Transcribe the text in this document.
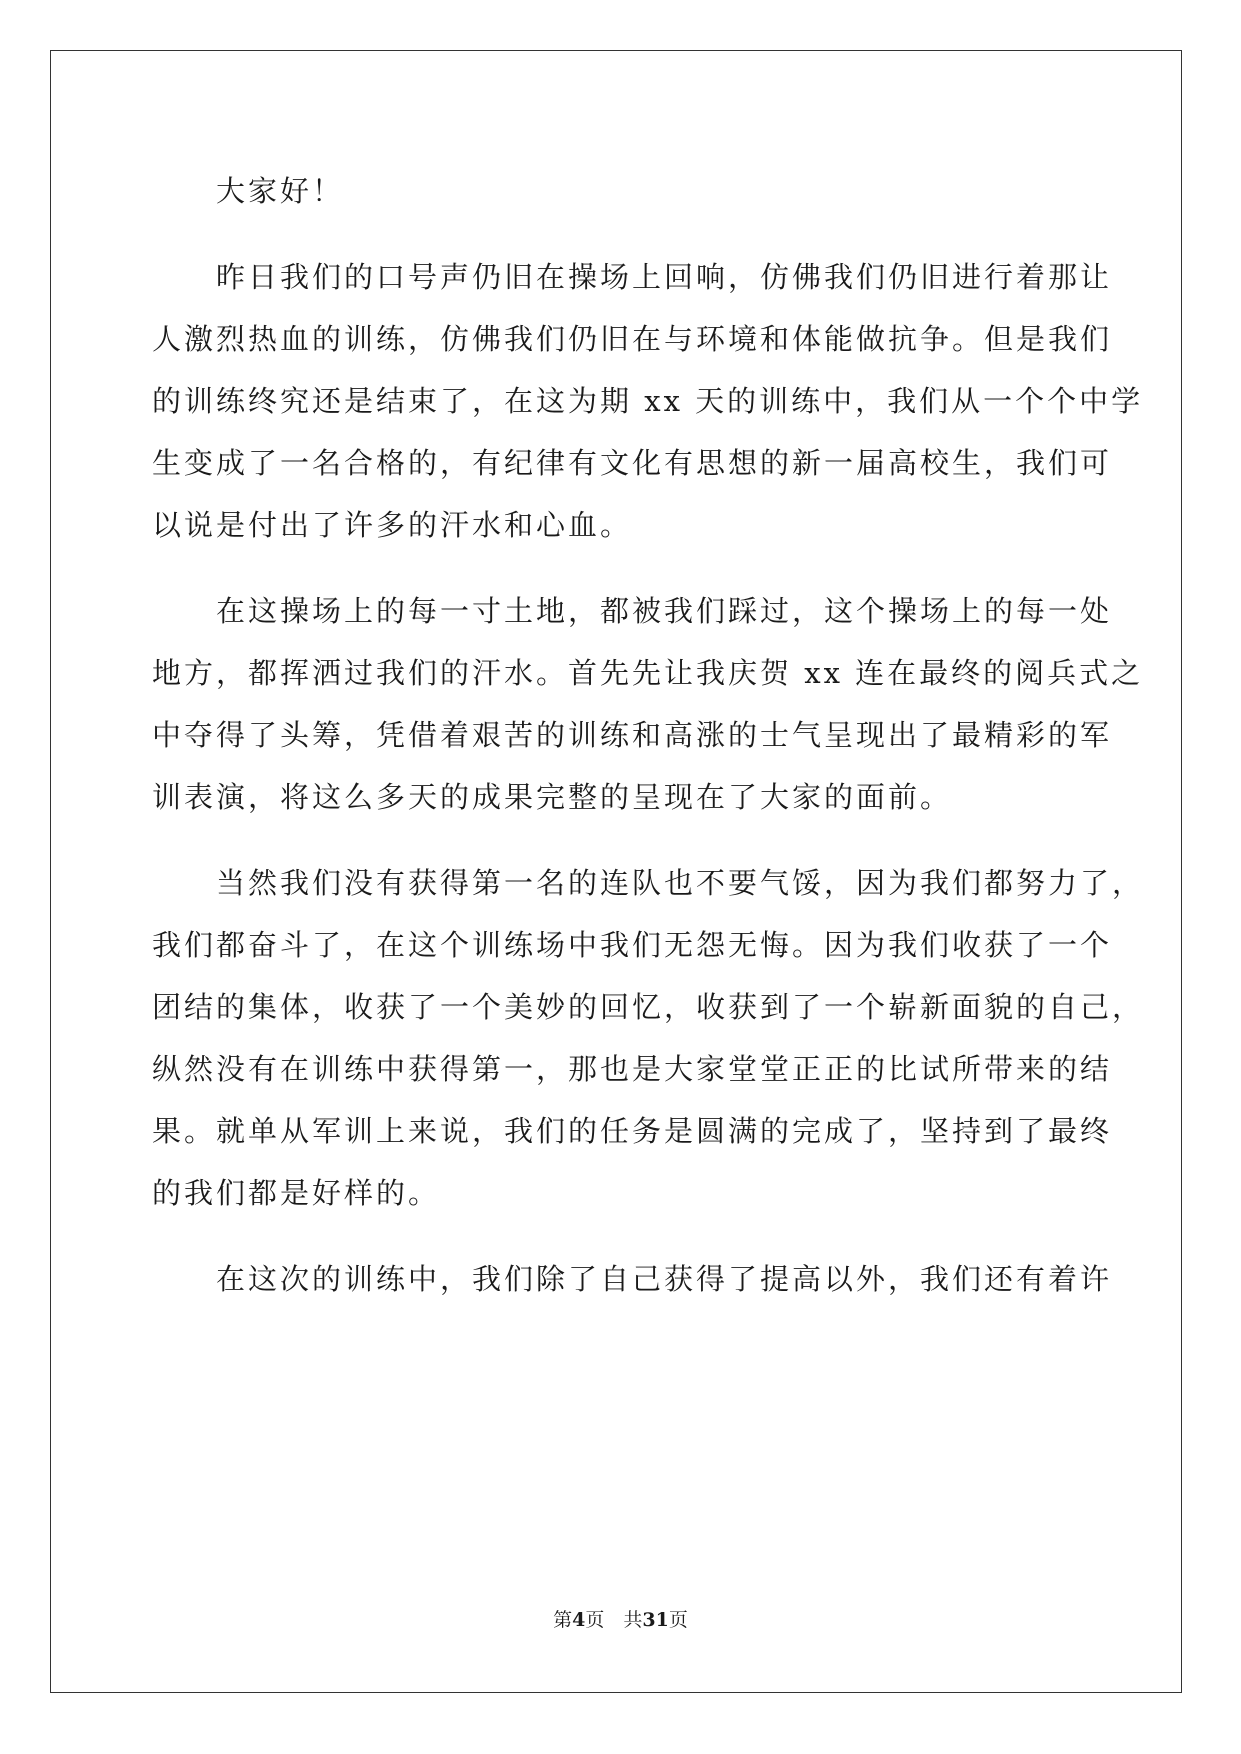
　　大家好！

　　昨日我们的口号声仍旧在操场上回响，仿佛我们仍旧进行着那让

人激烈热血的训练，仿佛我们仍旧在与环境和体能做抗争。但是我们

的训练终究还是结束了，在这为期 xx 天的训练中，我们从一个个中学

生变成了一名合格的，有纪律有文化有思想的新一届高校生，我们可

以说是付出了许多的汗水和心血。

　　在这操场上的每一寸土地，都被我们踩过，这个操场上的每一处

地方，都挥洒过我们的汗水。首先先让我庆贺 xx 连在最终的阅兵式之

中夺得了头筹，凭借着艰苦的训练和高涨的士气呈现出了最精彩的军

训表演，将这么多天的成果完整的呈现在了大家的面前。

　　当然我们没有获得第一名的连队也不要气馁，因为我们都努力了，

我们都奋斗了，在这个训练场中我们无怨无悔。因为我们收获了一个

团结的集体，收获了一个美妙的回忆，收获到了一个崭新面貌的自己，

纵然没有在训练中获得第一，那也是大家堂堂正正的比试所带来的结

果。就单从军训上来说，我们的任务是圆满的完成了，坚持到了最终

的我们都是好样的。

　　在这次的训练中，我们除了自己获得了提高以外，我们还有着许

第4页　共31页
